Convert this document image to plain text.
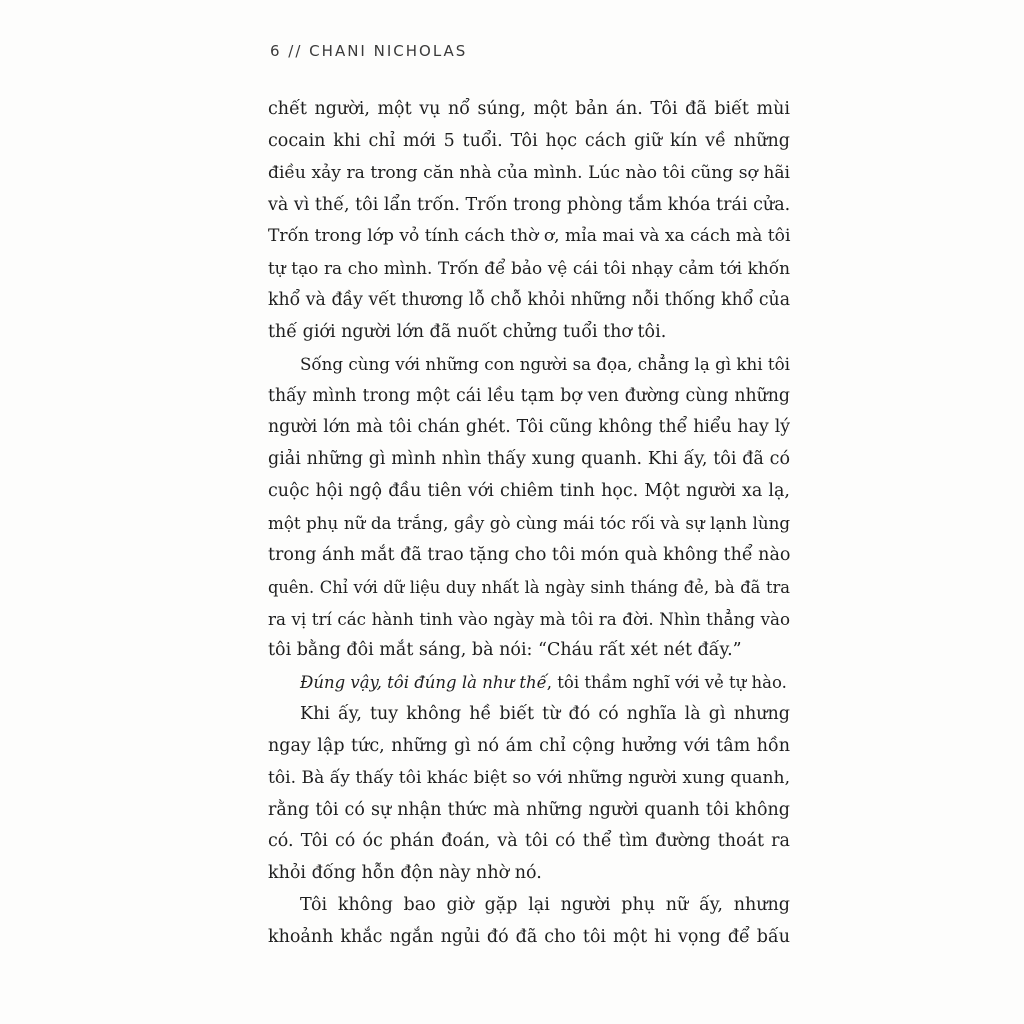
6 // CHANI NICHOLAS
chết người, một vụ nổ súng, một bản án. Tôi đã biết mùi
cocain khi chỉ mới 5 tuổi. Tôi học cách giữ kín về những
điều xảy ra trong căn nhà của mình. Lúc nào tôi cũng sợ hãi
và vì thế, tôi lẩn trốn. Trốn trong phòng tắm khóa trái cửa.
Trốn trong lớp vỏ tính cách thờ ơ, mỉa mai và xa cách mà tôi
tự tạo ra cho mình. Trốn để bảo vệ cái tôi nhạy cảm tới khốn
khổ và đầy vết thương lỗ chỗ khỏi những nỗi thống khổ của
thế giới người lớn đã nuốt chửng tuổi thơ tôi.
Sống cùng với những con người sa đọa, chẳng lạ gì khi tôi
thấy mình trong một cái lều tạm bợ ven đường cùng những
người lớn mà tôi chán ghét. Tôi cũng không thể hiểu hay lý
giải những gì mình nhìn thấy xung quanh. Khi ấy, tôi đã có
cuộc hội ngộ đầu tiên với chiêm tinh học. Một người xa lạ,
một phụ nữ da trắng, gầy gò cùng mái tóc rối và sự lạnh lùng
trong ánh mắt đã trao tặng cho tôi món quà không thể nào
quên. Chỉ với dữ liệu duy nhất là ngày sinh tháng đẻ, bà đã tra
ra vị trí các hành tinh vào ngày mà tôi ra đời. Nhìn thẳng vào
tôi bằng đôi mắt sáng, bà nói: “Cháu rất xét nét đấy.”
Đúng vậy, tôi đúng là như thế, tôi thầm nghĩ với vẻ tự hào.
Khi ấy, tuy không hề biết từ đó có nghĩa là gì nhưng
ngay lập tức, những gì nó ám chỉ cộng hưởng với tâm hồn
tôi. Bà ấy thấy tôi khác biệt so với những người xung quanh,
rằng tôi có sự nhận thức mà những người quanh tôi không
có. Tôi có óc phán đoán, và tôi có thể tìm đường thoát ra
khỏi đống hỗn độn này nhờ nó.
Tôi không bao giờ gặp lại người phụ nữ ấy, nhưng
khoảnh khắc ngắn ngủi đó đã cho tôi một hi vọng để bấu
